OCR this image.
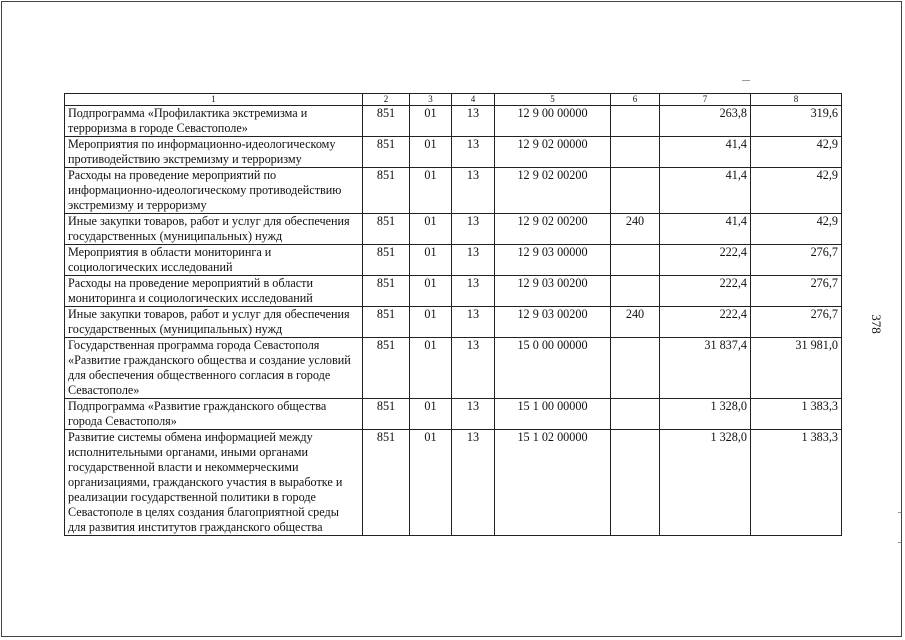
1	2	3	4	5	6	7	8
Подпрограмма «Профилактика экстремизма и терроризма в городе Севастополе»	851	01	13	12 9 00 00000		263,8	319,6
Мероприятия по информационно-идеологическому противодействию экстремизму и терроризму	851	01	13	12 9 02 00000		41,4	42,9
Расходы на проведение мероприятий по информационно-идеологическому противодействию экстремизму и терроризму	851	01	13	12 9 02 00200		41,4	42,9
Иные закупки товаров, работ и услуг для обеспечения государственных (муниципальных) нужд	851	01	13	12 9 02 00200	240	41,4	42,9
Мероприятия в области мониторинга и социологических исследований	851	01	13	12 9 03 00000		222,4	276,7
Расходы на проведение мероприятий в области мониторинга и социологических исследований	851	01	13	12 9 03 00200		222,4	276,7
Иные закупки товаров, работ и услуг для обеспечения государственных (муниципальных) нужд	851	01	13	12 9 03 00200	240	222,4	276,7
Государственная программа города Севастополя «Развитие гражданского общества и создание условий для обеспечения общественного согласия в городе Севастополе»	851	01	13	15 0 00 00000		31 837,4	31 981,0
Подпрограмма «Развитие гражданского общества города Севастополя»	851	01	13	15 1 00 00000		1 328,0	1 383,3
Развитие системы обмена информацией между исполнительными органами, иными органами государственной власти и некоммерческими организациями, гражданского участия в выработке и реализации государственной политики в городе Севастополе в целях создания благоприятной среды для развития институтов гражданского общества	851	01	13	15 1 02 00000		1 328,0	1 383,3
378
